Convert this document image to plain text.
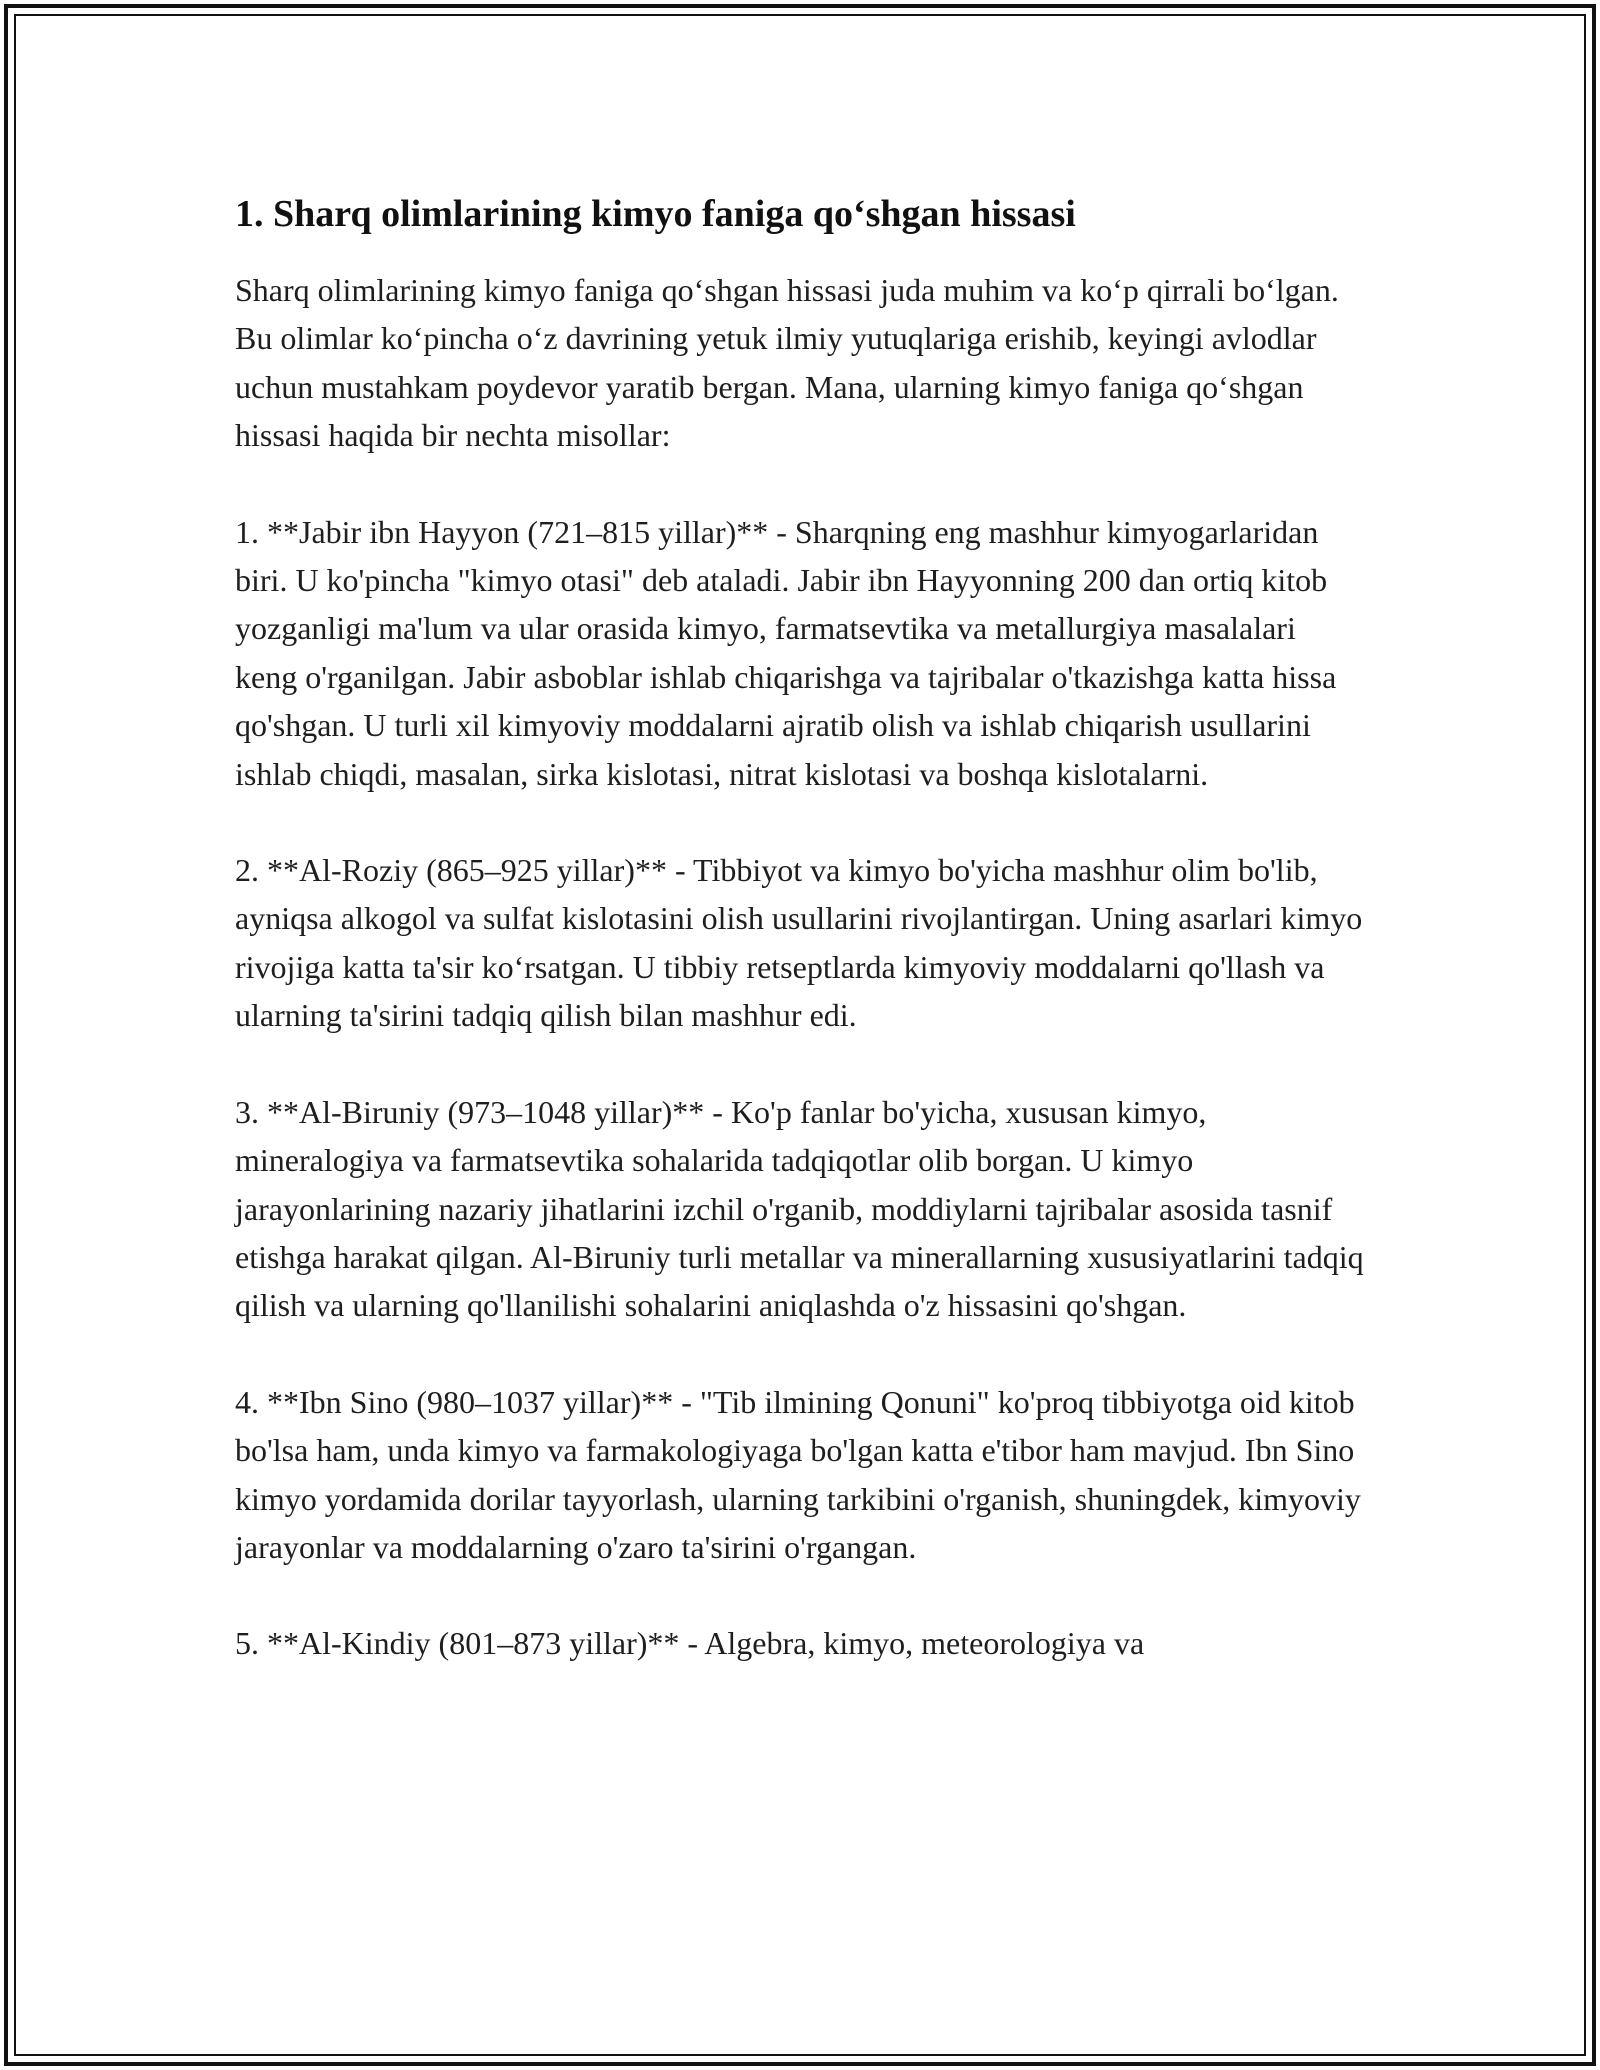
1. Sharq olimlarining kimyo faniga qo‘shgan hissasi

Sharq olimlarining kimyo faniga qo‘shgan hissasi juda muhim va ko‘p qirrali bo‘lgan. Bu olimlar ko‘pincha o‘z davrining yetuk ilmiy yutuqlariga erishib, keyingi avlodlar uchun mustahkam poydevor yaratib bergan. Mana, ularning kimyo faniga qo‘shgan hissasi haqida bir nechta misollar:

1. **Jabir ibn Hayyon (721–815 yillar)** - Sharqning eng mashhur kimyogarlaridan biri. U ko'pincha "kimyo otasi" deb ataladi. Jabir ibn Hayyonning 200 dan ortiq kitob yozganligi ma'lum va ular orasida kimyo, farmatsevtika va metallurgiya masalalari keng o'rganilgan. Jabir asboblar ishlab chiqarishga va tajribalar o'tkazishga katta hissa qo'shgan. U turli xil kimyoviy moddalarni ajratib olish va ishlab chiqarish usullarini ishlab chiqdi, masalan, sirka kislotasi, nitrat kislotasi va boshqa kislotalarni.

2. **Al-Roziy (865–925 yillar)** - Tibbiyot va kimyo bo'yicha mashhur olim bo'lib, ayniqsa alkogol va sulfat kislotasini olish usullarini rivojlantirgan. Uning asarlari kimyo rivojiga katta ta'sir ko‘rsatgan. U tibbiy retseptlarda kimyoviy moddalarni qo'llash va ularning ta'sirini tadqiq qilish bilan mashhur edi.

3. **Al-Biruniy (973–1048 yillar)** - Ko'p fanlar bo'yicha, xususan kimyo, mineralogiya va farmatsevtika sohalarida tadqiqotlar olib borgan. U kimyo jarayonlarining nazariy jihatlarini izchil o'rganib, moddiylarni tajribalar asosida tasnif etishga harakat qilgan. Al-Biruniy turli metallar va minerallarning xususiyatlarini tadqiq qilish va ularning qo'llanilishi sohalarini aniqlashda o'z hissasini qo'shgan.

4. **Ibn Sino (980–1037 yillar)** - "Tib ilmining Qonuni" ko'proq tibbiyotga oid kitob bo'lsa ham, unda kimyo va farmakologiyaga bo'lgan katta e'tibor ham mavjud. Ibn Sino kimyo yordamida dorilar tayyorlash, ularning tarkibini o'rganish, shuningdek, kimyoviy jarayonlar va moddalarning o'zaro ta'sirini o'rgangan.

5. **Al-Kindiy (801–873 yillar)** - Algebra, kimyo, meteorologiya va
